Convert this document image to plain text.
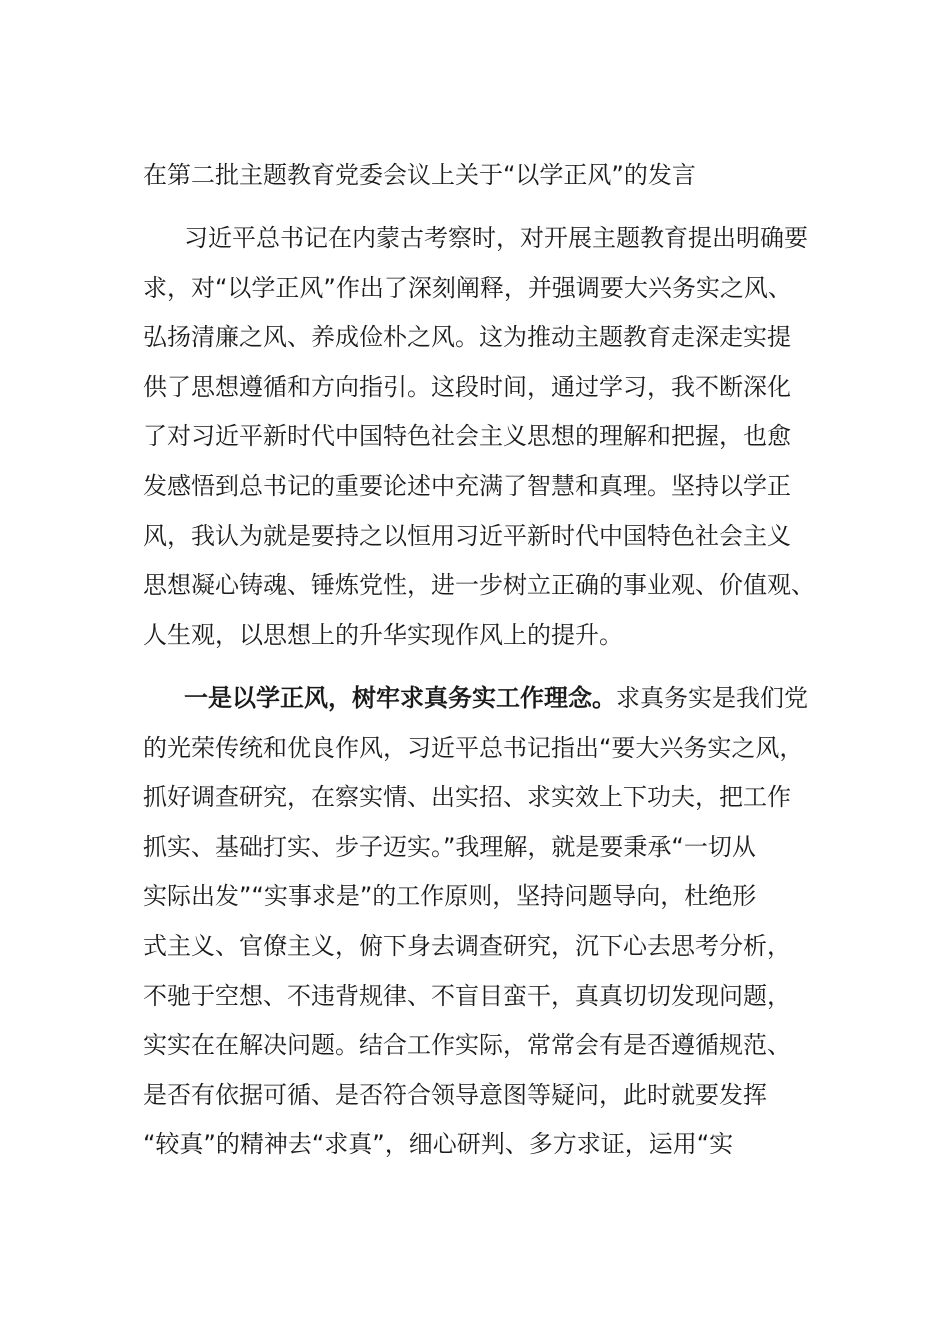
在第二批主题教育党委会议上关于“以学正风”的发言
习近平总书记在内蒙古考察时，对开展主题教育提出明确要
求，对“以学正风”作出了深刻阐释，并强调要大兴务实之风、
弘扬清廉之风、养成俭朴之风。这为推动主题教育走深走实提
供了思想遵循和方向指引。这段时间，通过学习，我不断深化
了对习近平新时代中国特色社会主义思想的理解和把握，也愈
发感悟到总书记的重要论述中充满了智慧和真理。坚持以学正
风，我认为就是要持之以恒用习近平新时代中国特色社会主义
思想凝心铸魂、锤炼党性，进一步树立正确的事业观、价值观、
人生观，以思想上的升华实现作风上的提升。
一是以学正风，树牢求真务实工作理念。求真务实是我们党
的光荣传统和优良作风，习近平总书记指出“要大兴务实之风，
抓好调查研究，在察实情、出实招、求实效上下功夫，把工作
抓实、基础打实、步子迈实。”我理解，就是要秉承“一切从
实际出发”“实事求是”的工作原则，坚持问题导向，杜绝形
式主义、官僚主义，俯下身去调查研究，沉下心去思考分析，
不驰于空想、不违背规律、不盲目蛮干，真真切切发现问题，
实实在在解决问题。结合工作实际，常常会有是否遵循规范、
是否有依据可循、是否符合领导意图等疑问，此时就要发挥
“较真”的精神去“求真”，细心研判、多方求证，运用“实
